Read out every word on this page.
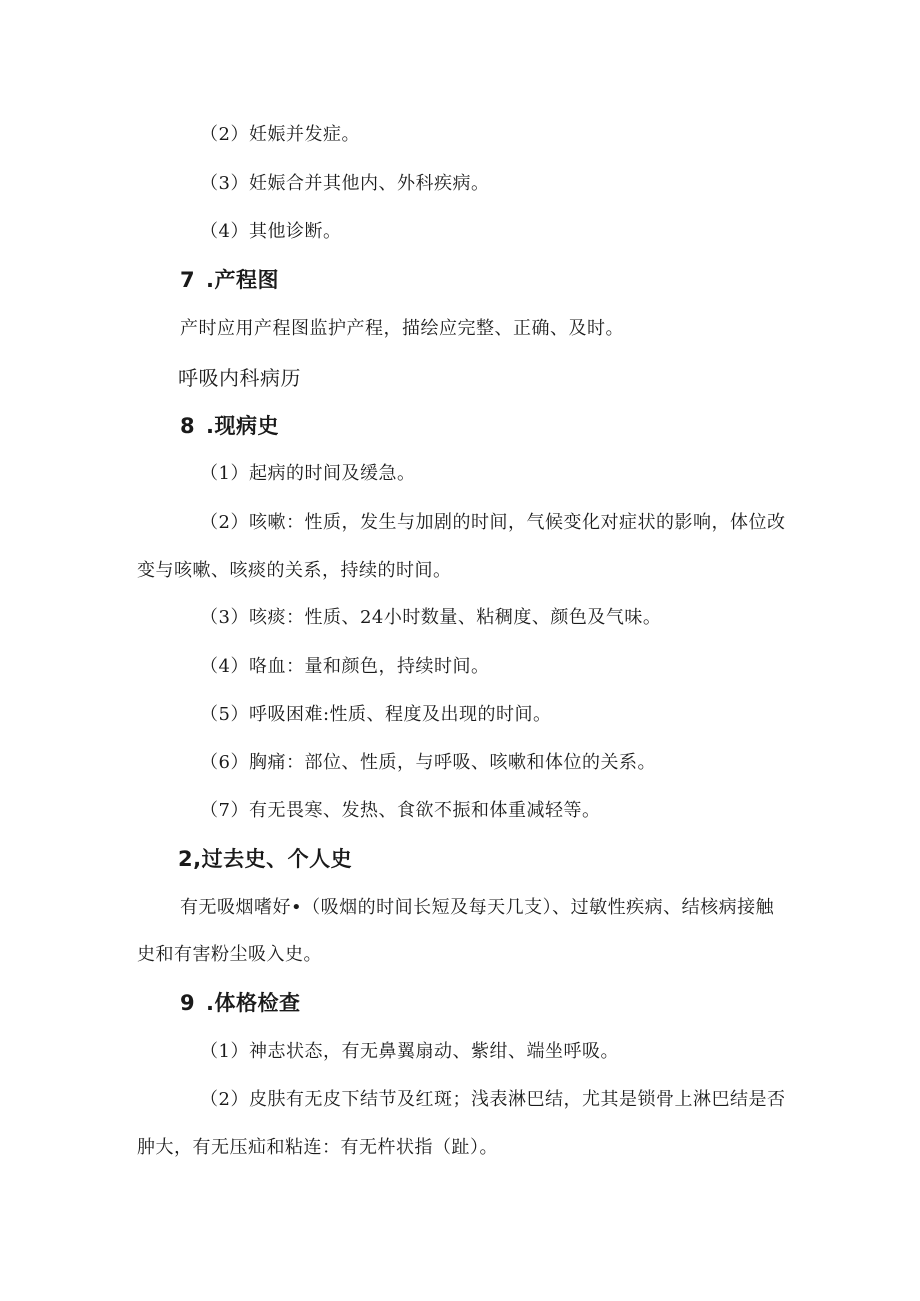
（2）妊娠并发症。
（3）妊娠合并其他内、外科疾病。
（4）其他诊断。
7 .产程图
产时应用产程图监护产程，描绘应完整、正确、及时。
呼吸内科病历
8 .现病史
（1）起病的时间及缓急。
（2）咳嗽：性质，发生与加剧的时间，气候变化对症状的影响，体位改
变与咳嗽、咳痰的关系，持续的时间。
（3）咳痰：性质、24小时数量、粘稠度、颜色及气味。
（4）咯血：量和颜色，持续时间。
（5）呼吸困难:性质、程度及出现的时间。
（6）胸痛：部位、性质，与呼吸、咳嗽和体位的关系。
（7）有无畏寒、发热、食欲不振和体重减轻等。
2,过去史、个人史
有无吸烟嗜好•（吸烟的时间长短及每天几支）、过敏性疾病、结核病接触
史和有害粉尘吸入史。
9 .体格检查
（1）神志状态，有无鼻翼扇动、紫绀、端坐呼吸。
（2）皮肤有无皮下结节及红斑；浅表淋巴结，尤其是锁骨上淋巴结是否
肿大，有无压疝和粘连：有无杵状指（趾）。
